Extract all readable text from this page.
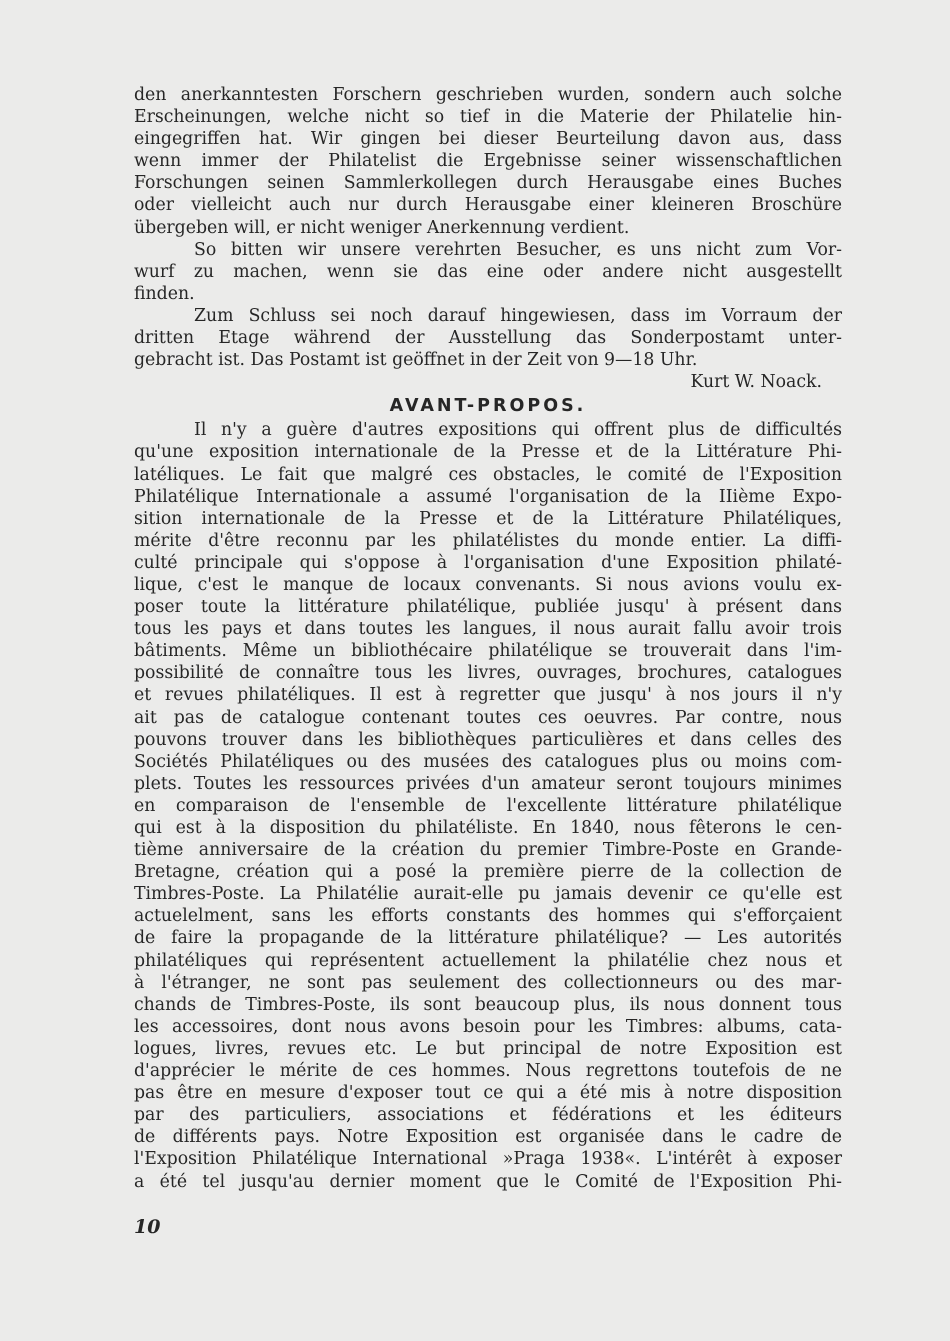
den anerkanntesten Forschern geschrieben wurden, sondern auch solche
Erscheinungen, welche nicht so tief in die Materie der Philatelie hin-
eingegriffen hat. Wir gingen bei dieser Beurteilung davon aus, dass
wenn immer der Philatelist die Ergebnisse seiner wissenschaftlichen
Forschungen seinen Sammlerkollegen durch Herausgabe eines Buches
oder vielleicht auch nur durch Herausgabe einer kleineren Broschüre
übergeben will, er nicht weniger Anerkennung verdient.
So bitten wir unsere verehrten Besucher, es uns nicht zum Vor-
wurf zu machen, wenn sie das eine oder andere nicht ausgestellt
finden.
Zum Schluss sei noch darauf hingewiesen, dass im Vorraum der
dritten Etage während der Ausstellung das Sonderpostamt unter-
gebracht ist. Das Postamt ist geöffnet in der Zeit von 9—18 Uhr.
Kurt W. Noack.
AVANT-PROPOS.
Il n'y a guère d'autres expositions qui offrent plus de difficultés
qu'une exposition internationale de la Presse et de la Littérature Phi-
latéliques. Le fait que malgré ces obstacles, le comité de l'Exposition
Philatélique Internationale a assumé l'organisation de la IIième Expo-
sition internationale de la Presse et de la Littérature Philatéliques,
mérite d'être reconnu par les philatélistes du monde entier. La diffi-
culté principale qui s'oppose à l'organisation d'une Exposition philaté-
lique, c'est le manque de locaux convenants. Si nous avions voulu ex-
poser toute la littérature philatélique, publiée jusqu' à présent dans
tous les pays et dans toutes les langues, il nous aurait fallu avoir trois
bâtiments. Même un bibliothécaire philatélique se trouverait dans l'im-
possibilité de connaître tous les livres, ouvrages, brochures, catalogues
et revues philatéliques. Il est à regretter que jusqu' à nos jours il n'y
ait pas de catalogue contenant toutes ces oeuvres. Par contre, nous
pouvons trouver dans les bibliothèques particulières et dans celles des
Sociétés Philatéliques ou des musées des catalogues plus ou moins com-
plets. Toutes les ressources privées d'un amateur seront toujours minimes
en comparaison de l'ensemble de l'excellente littérature philatélique
qui est à la disposition du philatéliste. En 1840, nous fêterons le cen-
tième anniversaire de la création du premier Timbre-Poste en Grande-
Bretagne, création qui a posé la première pierre de la collection de
Timbres-Poste. La Philatélie aurait-elle pu jamais devenir ce qu'elle est
actuelelment, sans les efforts constants des hommes qui s'efforçaient
de faire la propagande de la littérature philatélique? — Les autorités
philatéliques qui représentent actuellement la philatélie chez nous et
à l'étranger, ne sont pas seulement des collectionneurs ou des mar-
chands de Timbres-Poste, ils sont beaucoup plus, ils nous donnent tous
les accessoires, dont nous avons besoin pour les Timbres: albums, cata-
logues, livres, revues etc. Le but principal de notre Exposition est
d'apprécier le mérite de ces hommes. Nous regrettons toutefois de ne
pas être en mesure d'exposer tout ce qui a été mis à notre disposition
par des particuliers, associations et fédérations et les éditeurs
de différents pays. Notre Exposition est organisée dans le cadre de
l'Exposition Philatélique International »Praga 1938«. L'intérêt à exposer
a été tel jusqu'au dernier moment que le Comité de l'Exposition Phi-
10
